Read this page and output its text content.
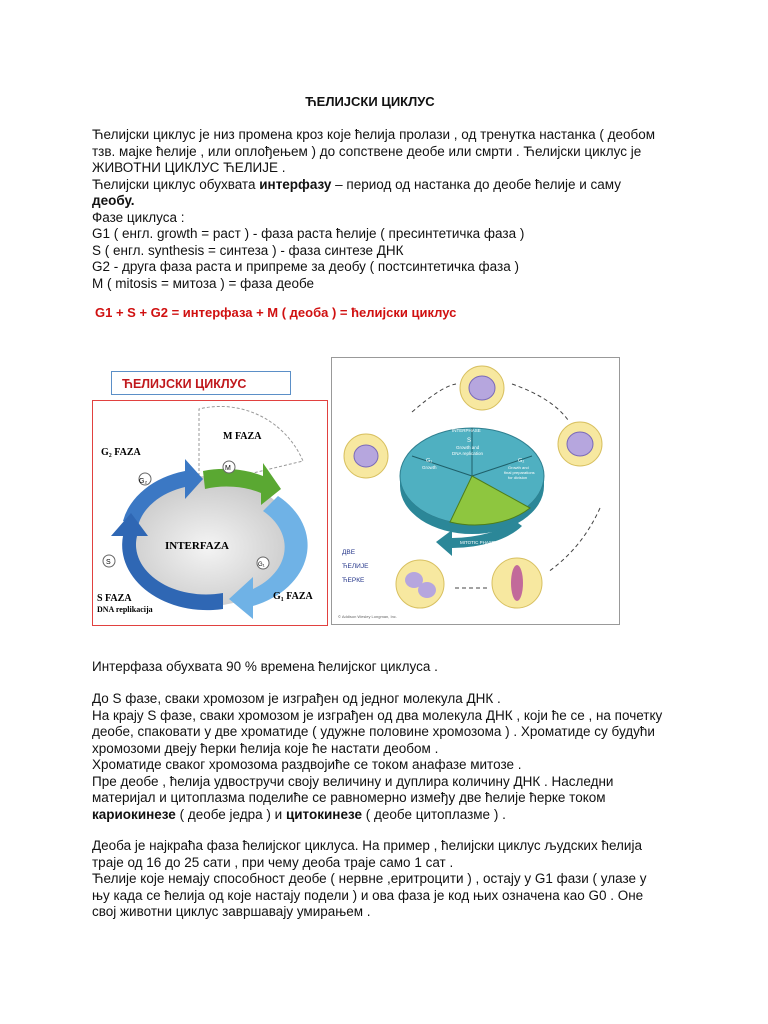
ЋЕЛИЈСКИ ЦИКЛУС
Ћелијски циклус је низ промена кроз које ћелија пролази , од тренутка настанка ( деобом
тзв. мајке ћелије , или оплођењем ) до сопствене деобе или смрти . Ћелијски циклус је
ЖИВОТНИ ЦИКЛУС ЋЕЛИЈЕ .
Ћелијски циклус обухвата интерфазу – период од настанка до деобе ћелије и саму
деобу.
Фазе циклуса :
G1 ( енгл. growth = раст ) - фаза раста ћелије ( пресинтетичка фаза )
S ( енгл. synthesis = синтеза ) - фаза синтезе ДНК
G2 - друга фаза раста и припреме за деобу ( постсинтетичка фаза )
M ( mitosis = митоза ) = фаза деобе
G1 + S + G2 = интерфаза + M ( деоба ) = ћелијски циклус
ЋЕЛИЈСКИ ЦИКЛУС
G₂
M
S	G₁
G₂ FAZA
M FAZA
INTERFAZA
S FAZA
DNA replikacija
G₁ FAZA
INTERPHASE
S
Growth and
DNA replication
G₁
Growth
G₂
Growth and
final preparations
for division
MITOTIC PHASE
ДВЕ
ЋЕЛИЈЕ
ЋЕРКЕ
© Addison Wesley Longman, Inc.
Интерфаза обухвата 90 % времена ћелијског циклуса .
До S фазе, сваки хромозом је изграђен од једног молекула ДНК .
На крају S фазе, сваки хромозом је изграђен од два молекула ДНК , који ће се , на почетку
деобе, спаковати у две хроматиде ( удужне половине хромозома ) . Хроматиде су будући
хромозоми двеју ћерки ћелија које ће настати деобом .
Хроматиде сваког хромозома раздвојиће се током анафазе митозе .
Пре деобе , ћелија удвостручи своју величину и дуплира количину ДНК . Наследни
материјал и цитоплазма поделиће се равномерно између две ћелије ћерке током
кариокинезе ( деобе једра ) и цитокинезе ( деобе цитоплазме ) .
Деоба је најкраћа фаза ћелијског циклуса. На пример , ћелијски циклус људских ћелија
траје од 16 до 25 сати , при чему деоба траје само 1 сат .
Ћелије које немају способност деобе ( нервне ,еритроцити ) , остају у G1 фази ( улазе у
њу када се ћелија од које настају подели ) и ова фаза је код њих означена као G0 . Оне
свој животни циклус завршавају умирањем .
